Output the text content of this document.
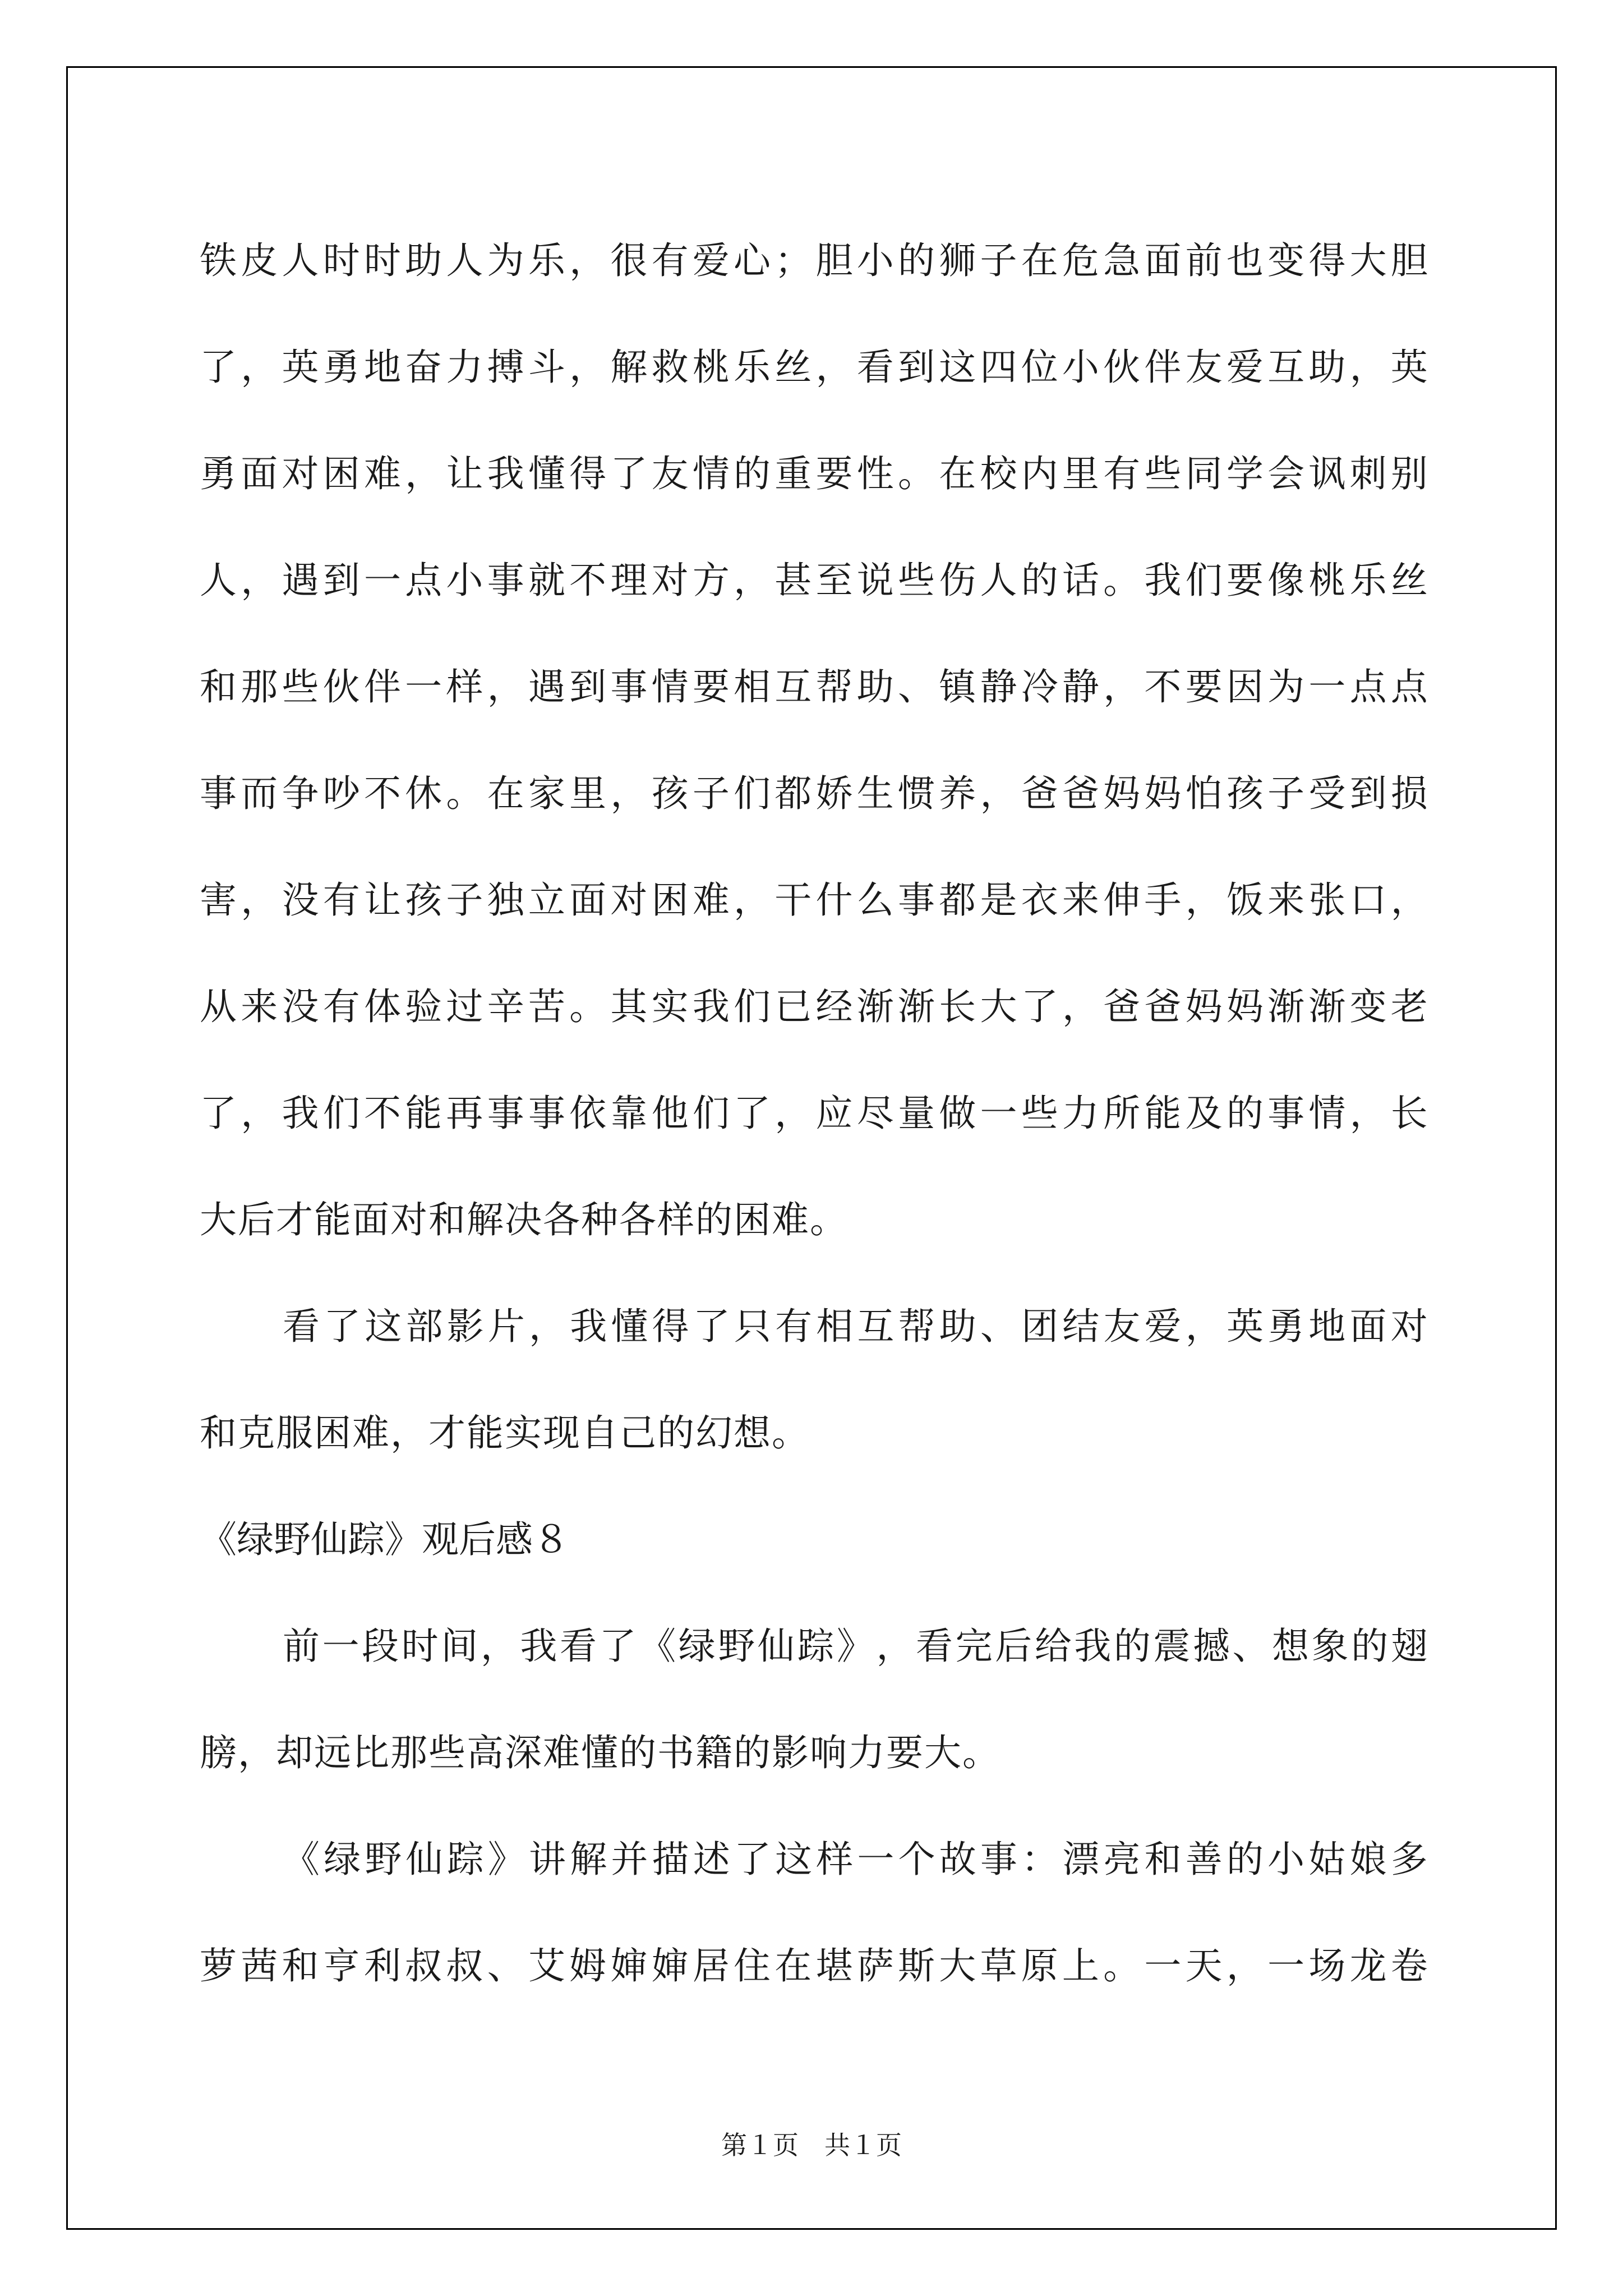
铁 皮 人 时 时 助 人 为 乐 ， 很 有 爱 心 ； 胆 小 的 狮 子 在 危 急 面 前 也 变 得 大 胆
了 ， 英 勇 地 奋 力 搏 斗 ， 解 救 桃 乐 丝 ， 看 到 这 四 位 小 伙 伴 友 爱 互 助 ， 英
勇 面 对 困 难 ， 让 我 懂 得 了 友 情 的 重 要 性 。 在 校 内 里 有 些 同 学 会 讽 刺 别
人 ， 遇 到 一 点 小 事 就 不 理 对 方 ， 甚 至 说 些 伤 人 的 话 。 我 们 要 像 桃 乐 丝
和 那 些 伙 伴 一 样 ， 遇 到 事 情 要 相 互 帮 助 、 镇 静 冷 静 ， 不 要 因 为 一 点 点
事 而 争 吵 不 休 。 在 家 里 ， 孩 子 们 都 娇 生 惯 养 ， 爸 爸 妈 妈 怕 孩 子 受 到 损
害 ， 没 有 让 孩 子 独 立 面 对 困 难 ， 干 什 么 事 都 是 衣 来 伸 手 ， 饭 来 张 口 ，
从 来 没 有 体 验 过 辛 苦 。 其 实 我 们 已 经 渐 渐 长 大 了 ， 爸 爸 妈 妈 渐 渐 变 老
了 ， 我 们 不 能 再 事 事 依 靠 他 们 了 ， 应 尽 量 做 一 些 力 所 能 及 的 事 情 ， 长
大后才能面对和解决各种各样的困难。
看 了 这 部 影 片 ， 我 懂 得 了 只 有 相 互 帮 助 、 团 结 友 爱 ， 英 勇 地 面 对
和克服困难，才能实现自己的幻想。
《绿野仙踪》观后感８
前 一 段 时 间 ， 我 看 了 《 绿 野 仙 踪 》 ， 看 完 后 给 我 的 震 撼 、 想 象 的 翅
膀，却远比那些高深难懂的书籍的影响力要大。
《 绿 野 仙 踪 》 讲 解 并 描 述 了 这 样 一 个 故 事 ： 漂 亮 和 善 的 小 姑 娘 多
萝 茜 和 亨 利 叔 叔 、 艾 姆 婶 婶 居 住 在 堪 萨 斯 大 草 原 上 。 一 天 ， 一 场 龙 卷
第１页　共１页
